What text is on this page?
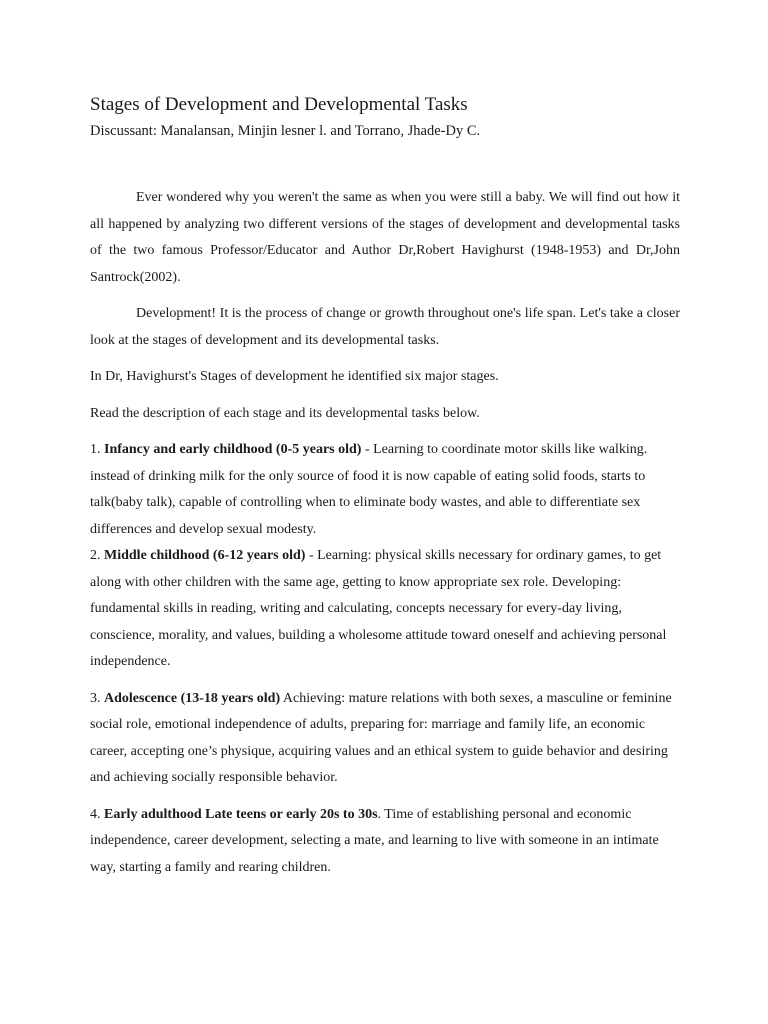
Stages of Development and Developmental Tasks

Discussant: Manalansan, Minjin lesner l. and Torrano, Jhade-Dy C.

Ever wondered why you weren't the same as when you were still a baby. We will find out how it all happened by analyzing two different versions of the stages of development and developmental tasks of the two famous Professor/Educator and Author Dr,Robert Havighurst (1948-1953) and Dr,John Santrock(2002).

Development! It is the process of change or growth throughout one's life span. Let's take a closer look at the stages of development and its developmental tasks.

In Dr, Havighurst's Stages of development he identified six major stages.

Read the description of each stage and its developmental tasks below.

1. Infancy and early childhood (0-5 years old) - Learning to coordinate motor skills like walking. instead of drinking milk for the only source of food it is now capable of eating solid foods, starts to talk(baby talk), capable of controlling when to eliminate body wastes, and able to differentiate sex differences and develop sexual modesty.

2. Middle childhood (6-12 years old) - Learning: physical skills necessary for ordinary games, to get along with other children with the same age, getting to know appropriate sex role. Developing: fundamental skills in reading, writing and calculating, concepts necessary for every-day living, conscience, morality, and values, building a wholesome attitude toward oneself and achieving personal independence.

3. Adolescence (13-18 years old) Achieving: mature relations with both sexes, a masculine or feminine social role, emotional independence of adults, preparing for: marriage and family life, an economic career, accepting one’s physique, acquiring values and an ethical system to guide behavior and desiring and achieving socially responsible behavior.

4. Early adulthood Late teens or early 20s to 30s. Time of establishing personal and economic independence, career development, selecting a mate, and learning to live with someone in an intimate way, starting a family and rearing children.
